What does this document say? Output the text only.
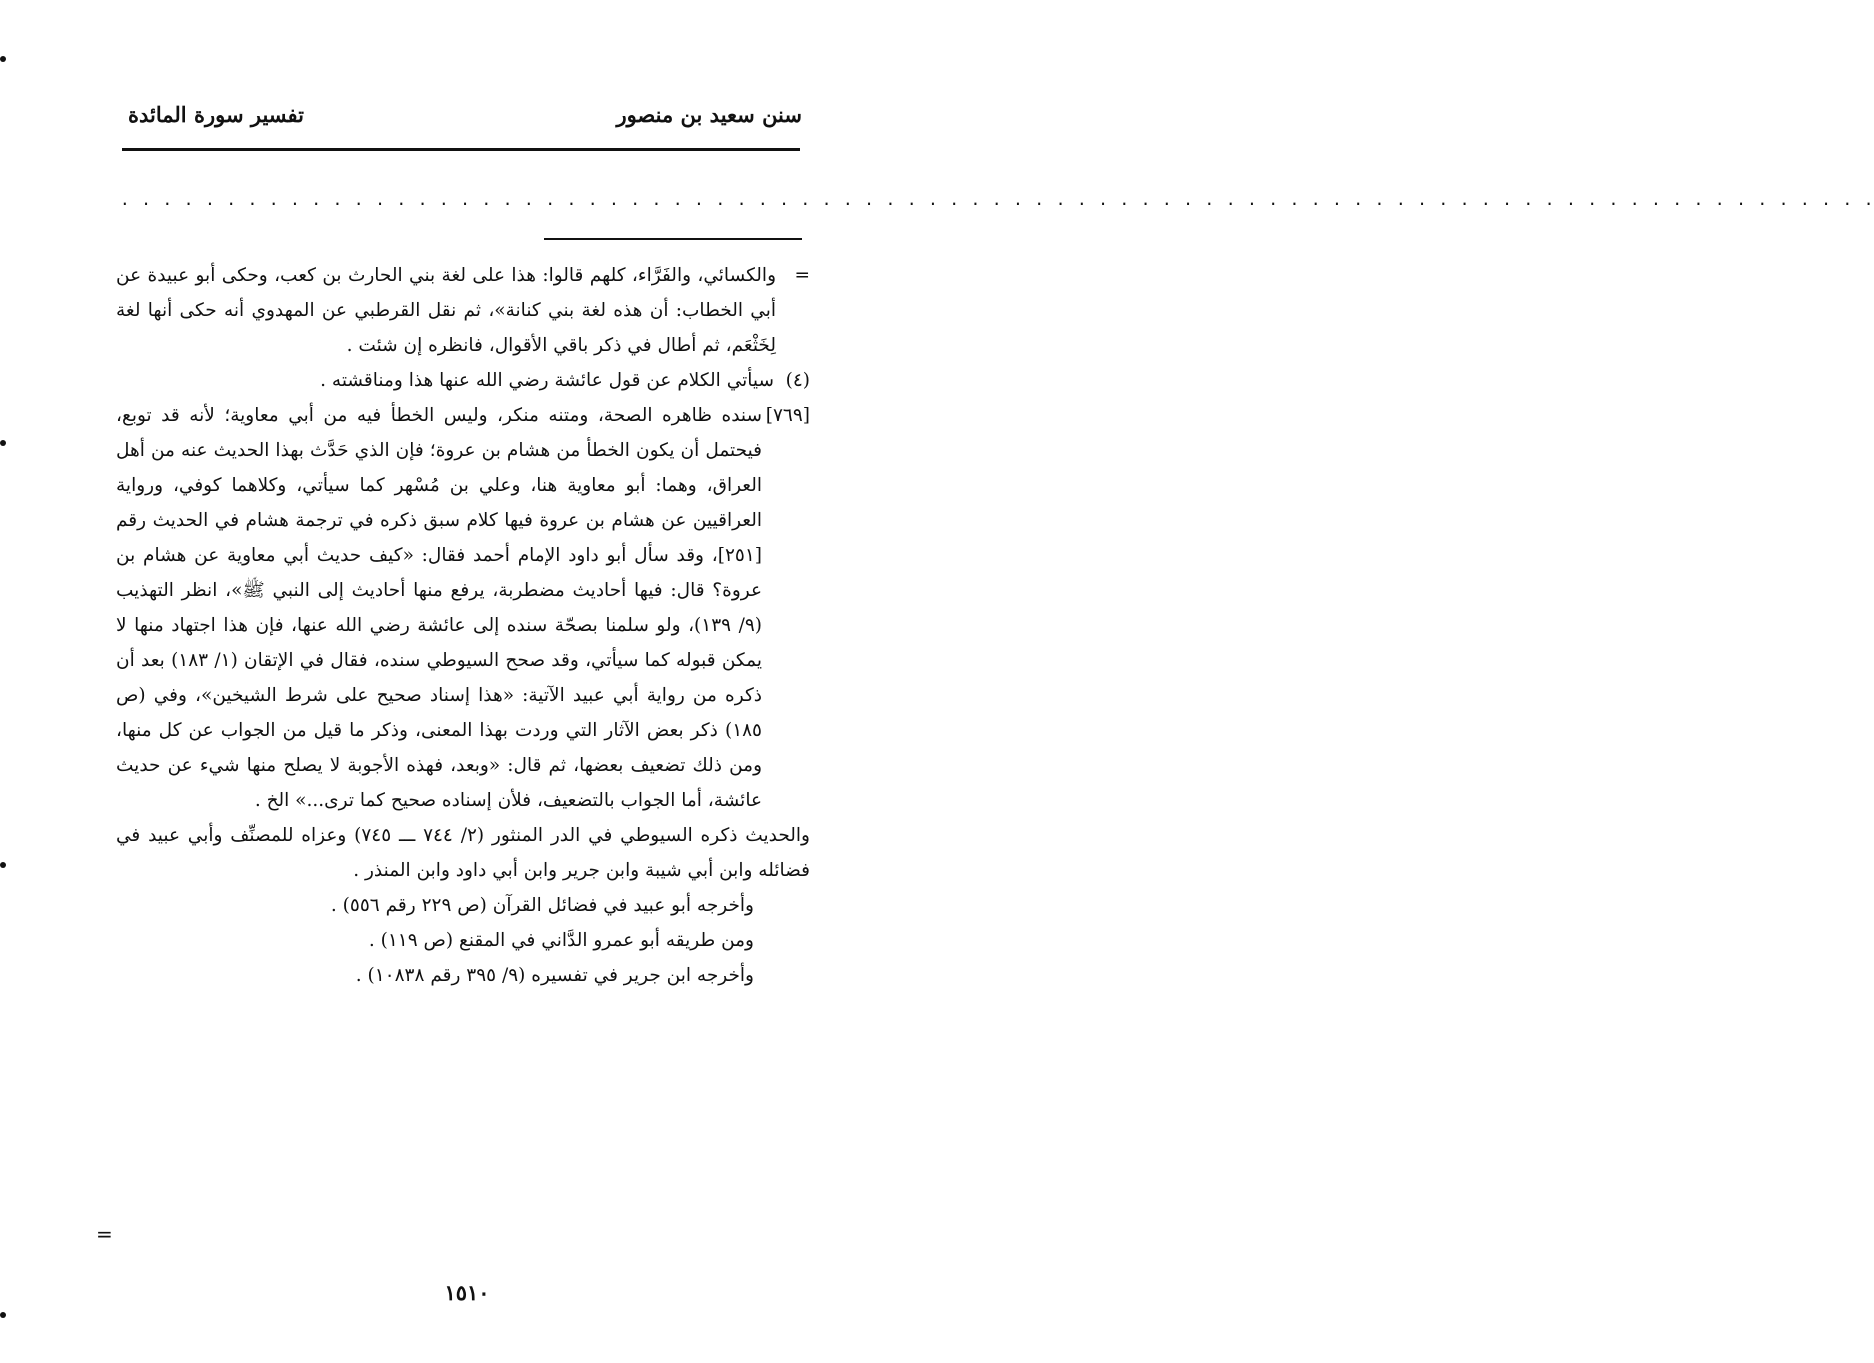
سنن سعيد بن منصور
تفسير سورة المائدة
. . . . . . . . . . . . . . . . . . . . . . . . . . . . . . . . . . . . . . . . . . . . . . . . . . . . . . . . . . . . . . . . . . . . . . . . . . . . . . . . . . .
=
والكسائي، والفَرَّاء، كلهم قالوا: هذا على لغة بني الحارث بن كعب، وحكى أبو عبيدة عن أبي الخطاب: أن هذه لغة بني كنانة»، ثم نقل القرطبي عن المهدوي أنه حكى أنها لغة لِخَثْعَم، ثم أطال في ذكر باقي الأقوال، فانظره إن شئت .
(٤)
سيأتي الكلام عن قول عائشة رضي الله عنها هذا ومناقشته .
[٧٦٩]
سنده ظاهره الصحة، ومتنه منكر، وليس الخطأ فيه من أبي معاوية؛ لأنه قد توبع، فيحتمل أن يكون الخطأ من هشام بن عروة؛ فإن الذي حَدَّث بهذا الحديث عنه من أهل العراق، وهما: أبو معاوية هنا، وعلي بن مُسْهر كما سيأتي، وكلاهما كوفي، ورواية العراقيين عن هشام بن عروة فيها كلام سبق ذكره في ترجمة هشام في الحديث رقم [٢٥١]، وقد سأل أبو داود الإمام أحمد فقال: «كيف حديث أبي معاوية عن هشام بن عروة؟ قال: فيها أحاديث مضطربة، يرفع منها أحاديث إلى النبي ﷺ»، انظر التهذيب (٩/ ١٣٩)، ولو سلمنا بصحّة سنده إلى عائشة رضي الله عنها، فإن هذا اجتهاد منها لا يمكن قبوله كما سيأتي، وقد صحح السيوطي سنده، فقال في الإتقان (١/ ١٨٣) بعد أن ذكره من رواية أبي عبيد الآتية: «هذا إسناد صحيح على شرط الشيخين»، وفي (ص ١٨٥) ذكر بعض الآثار التي وردت بهذا المعنى، وذكر ما قيل من الجواب عن كل منها، ومن ذلك تضعيف بعضها، ثم قال: «وبعد، فهذه الأجوبة لا يصلح منها شيء عن حديث عائشة، أما الجواب بالتضعيف، فلأن إسناده صحيح كما ترى...» الخ .
والحديث ذكره السيوطي في الدر المنثور (٢/ ٧٤٤ ـــ ٧٤٥) وعزاه للمصنِّف وأبي عبيد في فضائله وابن أبي شيبة وابن جرير وابن أبي داود وابن المنذر .
وأخرجه أبو عبيد في فضائل القرآن (ص ٢٢٩ رقم ٥٥٦) .
ومن طريقه أبو عمرو الدَّاني في المقنع (ص ١١٩) .
وأخرجه ابن جرير في تفسيره (٩/ ٣٩٥ رقم ١٠٨٣٨) .
=
١٥١٠
